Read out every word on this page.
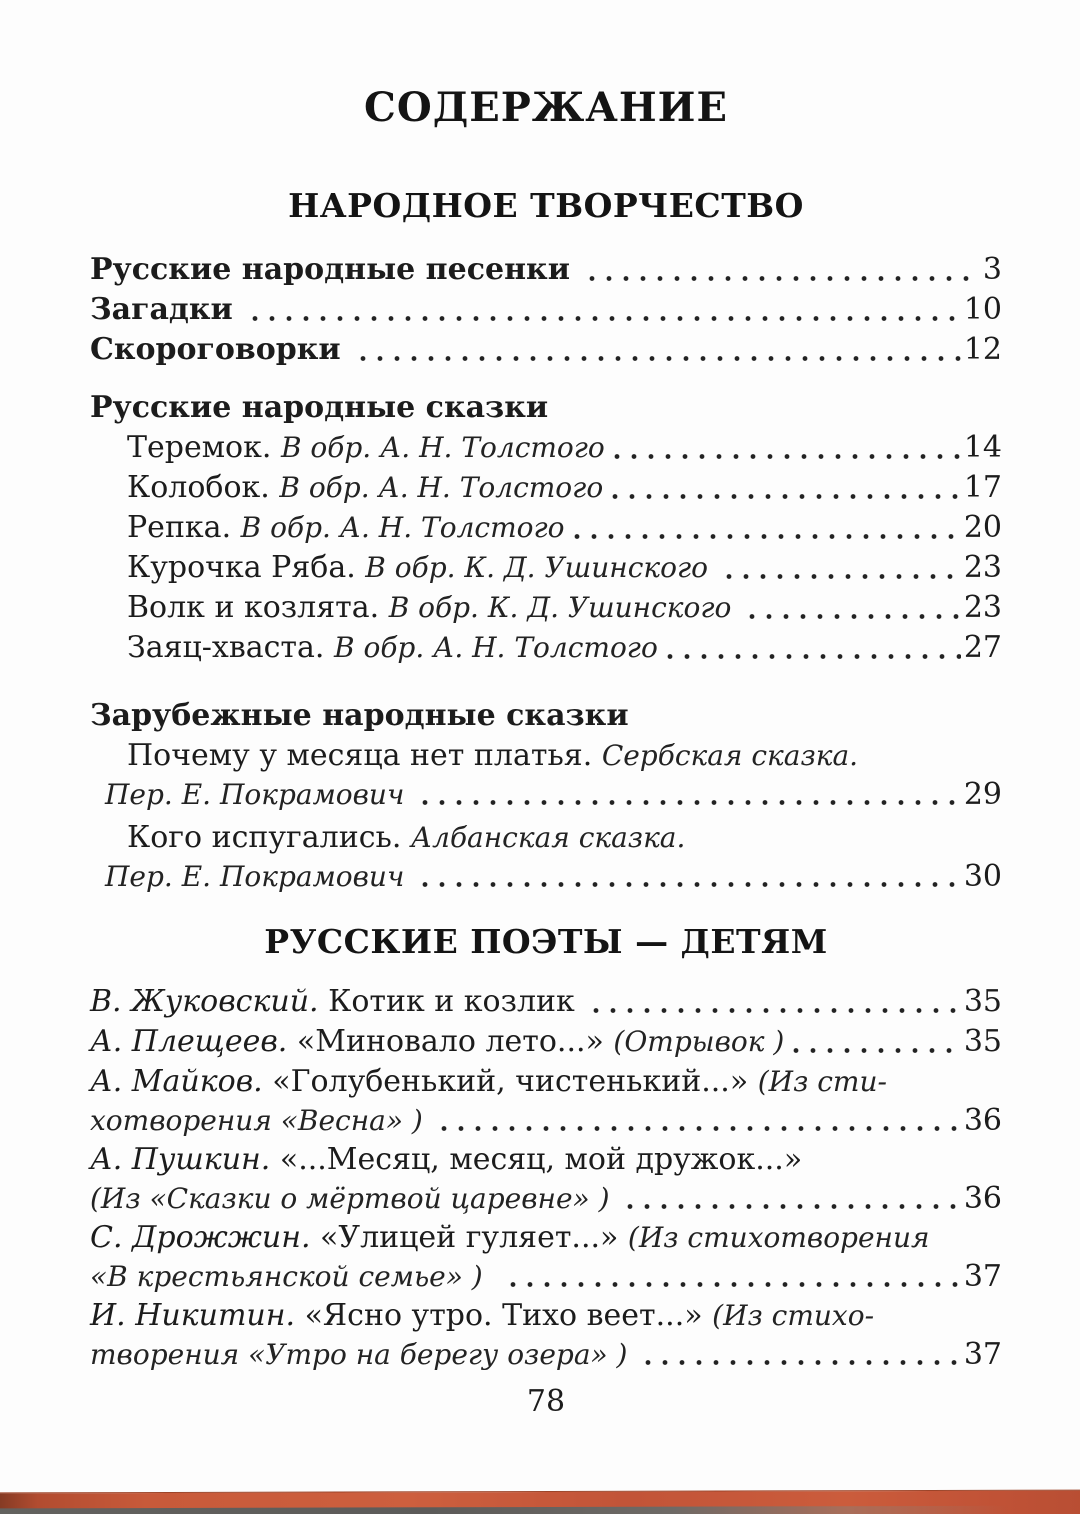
СОДЕРЖАНИЕ
НАРОДНОЕ ТВОРЧЕСТВО
Русские народные песенки	3
Загадки	10
Скороговорки	12
Русские народные сказки
Теремок. В обр. А. Н. Толстого	14
Колобок. В обр. А. Н. Толстого	17
Репка. В обр. А. Н. Толстого	20
Курочка Ряба. В обр. К. Д. Ушинского	23
Волк и козлята. В обр. К. Д. Ушинского	23
Заяц-хваста. В обр. А. Н. Толстого	27
Зарубежные народные сказки
Почему у месяца нет платья. Сербская сказка.
Пер. Е. Покрамович	29
Кого испугались. Албанская сказка.
Пер. Е. Покрамович	30
РУССКИЕ ПОЭТЫ — ДЕТЯМ
В. Жуковский. Котик и козлик	35
А. Плещеев. «Миновало лето...» (Отрывок )	35
А. Майков. «Голубенький, чистенький...» (Из сти-
хотворения «Весна» )	36
А. Пушкин. «...Месяц, месяц, мой дружок...»
(Из «Сказки о мёртвой царевне» )	36
С. Дрожжин. «Улицей гуляет...» (Из стихотворения
«В крестьянской семье» )	37
И. Никитин. «Ясно утро. Тихо веет...» (Из стихо-
творения «Утро на берегу озера» )	37
78
